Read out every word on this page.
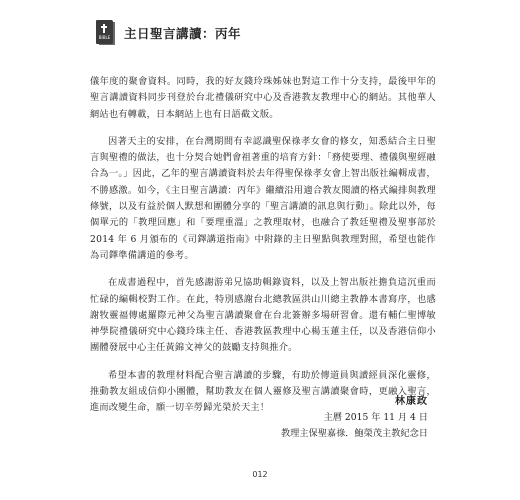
BIBLE 主日聖言講讀：丙年

儀年度的聚會資料。同時，我的好友錢玲珠姊妹也對這工作十分支持，最後甲年的聖言講讀資料同步刊登於台北禮儀研究中心及香港教友教理中心的網站。其他華人網站也有轉載，日本網站上也有日語截文版。

因著天主的安排，在台灣期間有幸認識聖保祿孝女會的修女，知悉結合主日聖言與聖禮的做法，也十分契合她們會祖著重的培育方針：「務使要理、禮儀與聖經融合為一。」因此，乙年的聖言講讀資料於去年得聖保祿孝女會上智出版社編輯成書，不勝感激。如今，《主日聖言講讀：丙年》繼續沿用適合教友閱讀的格式編排與教理條號，以及有益於個人默想和團體分享的「聖言講讀的訊息與行動」。除此以外，每個單元的「教理回應」和「要理重溫」之教理取材，也融合了教廷聖禮及聖事部於 2014 年 6 月頒布的《司鐸講道指南》中附錄的主日聖點與教理對照，希望也能作為司鐸準備講道的參考。

在成書過程中，首先感謝游弟兄協助輯錄資料，以及上智出版社擔負這沉重而忙碌的編輯校對工作。在此，特別感謝台北總教區洪山川總主教静本書寫序，也感謝牧靈福傳處羅際元神父為聖言講讀聚會在台北簽辦多場研習會。還有輔仁聖博敏神學院禮儀研究中心錢玲珠主任、香港教區教理中心楊玉蓮主任，以及香港信仰小團體發展中心主任黃錦文神父的鼓勵支持與推介。

希望本書的教理材料配合聖言講讀的步驟，有助於傳道員與讀經員深化靈修，推動教友組成信仰小團體，幫助教友在個人靈修及聖言講讀聚會時，更融入聖言，進而改變生命，願一切辛勞歸光榮於天主！

林康政
主曆 2015 年 11 月 4 日
教理主保聖嘉祿．鮑榮茂主教紀念日
012
